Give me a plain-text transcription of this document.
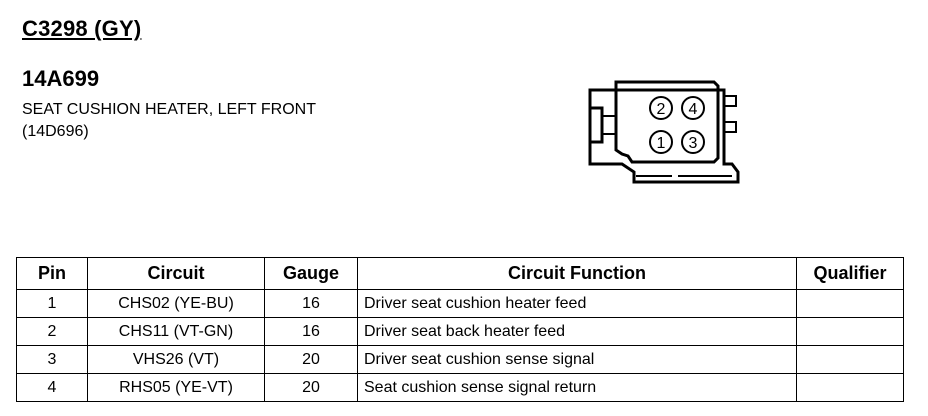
C3298 (GY)
14A699
SEAT CUSHION HEATER, LEFT FRONT
(14D696)
2 4
1 3
Pin	Circuit	Gauge	Circuit Function	Qualifier
1	CHS02 (YE-BU)	16	Driver seat cushion heater feed	
2	CHS11 (VT-GN)	16	Driver seat back heater feed	
3	VHS26 (VT)	20	Driver seat cushion sense signal	
4	RHS05 (YE-VT)	20	Seat cushion sense signal return	
